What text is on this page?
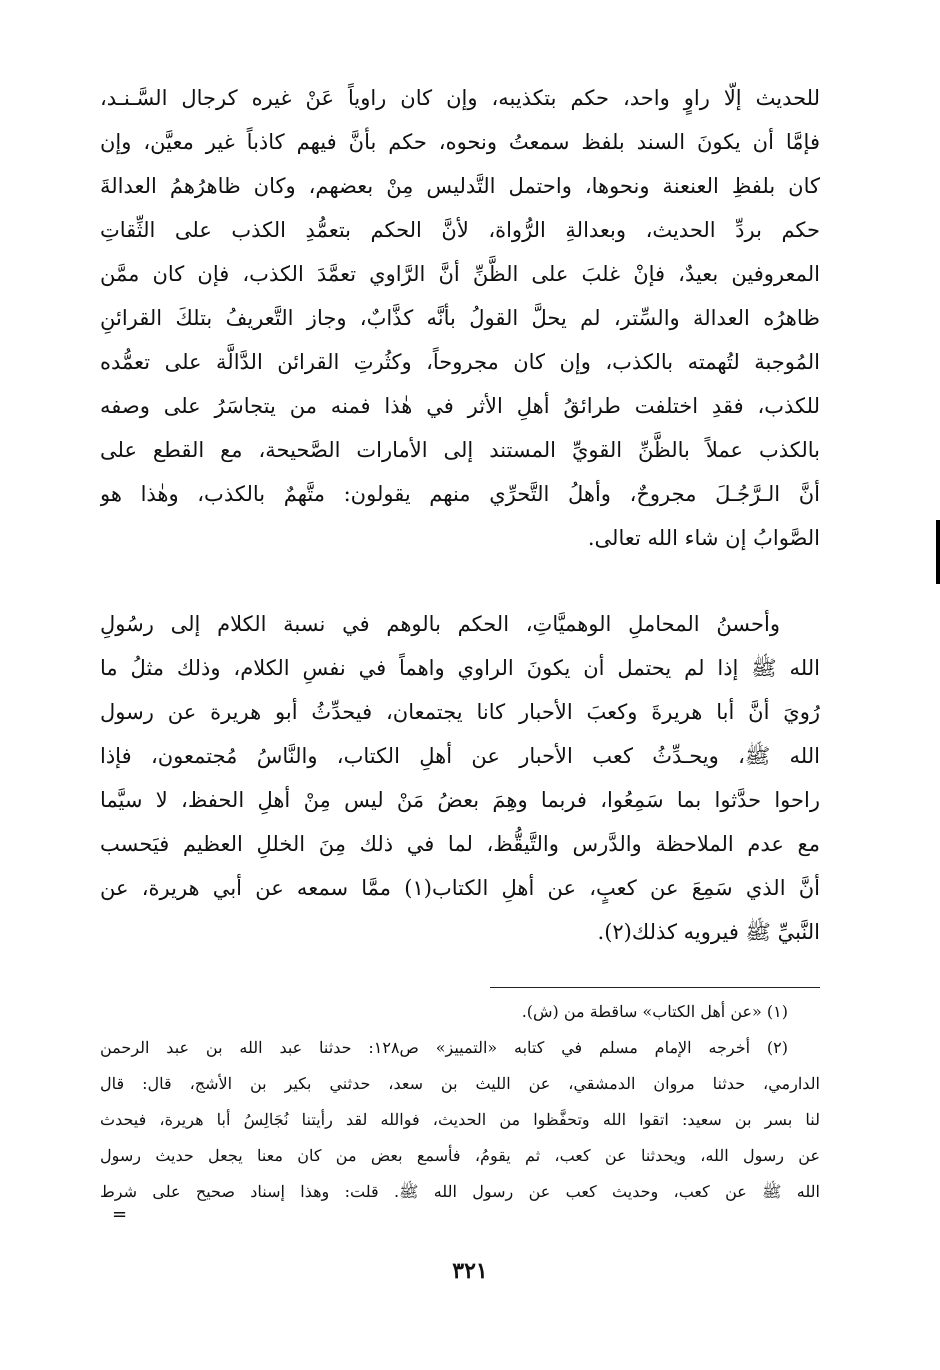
للحديث إلّا راوٍ واحد، حكم بتكذيبه، وإن كان راوياً عَنْ غيره كرجال السَّـنـد،
فإمَّا أن يكونَ السند بلفظ سمعتُ ونحوه، حكم بأنَّ فيهم كاذباً غير معيَّن، وإن
كان بلفظِ العنعنة ونحوها، واحتمل التَّدليس مِنْ بعضهم، وكان ظاهرُهمُ العدالةَ
حكم بردِّ الحديث، وبعدالةِ الرُّواة، لأنَّ الحكم بتعمُّدِ الكذب على الثِّقاتِ
المعروفين بعيدٌ، فإنْ غلبَ على الظَّنِّ أنَّ الرَّاوي تعمَّدَ الكذب، فإن كان ممَّن
ظاهرُه العدالة والسِّتر، لم يحلَّ القولُ بأنَّه كذَّابٌ، وجاز التَّعريفُ بتلكَ القرائنِ
المُوجبة لتُهمته بالكذب، وإن كان مجروحاً، وكثُرتِ القرائن الدَّالَّة على تعمُّده
للكذب، فقدِ اختلفت طرائقُ أهلِ الأثر في هٰذا فمنه من يتجاسَرُ على وصفه
بالكذب عملاً بالظَّنِّ القويِّ المستند إلى الأمارات الصَّحيحة، مع القطع على
أنَّ الـرَّجُـلَ مجروحٌ، وأهلُ التَّحرِّي منهم يقولون: متَّهمٌ بالكذب، وهٰذا هو
الصَّوابُ إن شاء الله تعالى.
وأحسنُ المحاملِ الوهميَّاتِ، الحكم بالوهم في نسبة الكلام إلى رسُولِ
الله ﷺ إذا لم يحتمل أن يكونَ الراوي واهماً في نفسِ الكلام، وذلك مثلُ ما
رُويَ أنَّ أبا هريرةَ وكعبَ الأحبار كانا يجتمعان، فيحدِّثُ أبو هريرة عن رسول
الله ﷺ، ويحـدِّثُ كعب الأحبار عن أهلِ الكتاب، والنَّاسُ مُجتمعون، فإذا
راحوا حدَّثوا بما سَمِعُوا، فربما وهِمَ بعضُ مَنْ ليس مِنْ أهلِ الحفظ، لا سيَّما
مع عدم الملاحظة والدَّرس والتَّيقُّظ، لما في ذلك مِنَ الخللِ العظيم فيَحسب
أنَّ الذي سَمِعَ عن كعبٍ، عن أهلِ الكتاب(١) ممَّا سمعه عن أبي هريرة، عن
النَّبيِّ ﷺ فيرويه كذلك(٢).
(١) «عن أهل الكتاب» ساقطة من (ش).
(٢) أخرجه الإمام مسلم في كتابه «التمييز» ص١٢٨: حدثنا عبد الله بن عبد الرحمن
الدارمي، حدثنا مروان الدمشقي، عن الليث بن سعد، حدثني بكير بن الأشج، قال: قال
لنا بسر بن سعيد: اتقوا الله وتحفَّظوا من الحديث، فوالله لقد رأيتنا نُجَالِسُ أبا هريرة، فيحدث
عن رسول الله، ويحدثنا عن كعب، ثم يقومُ، فأسمع بعض من كان معنا يجعل حديث رسول
الله ﷺ عن كعب، وحديث كعب عن رسول الله ﷺ. قلت: وهذا إسناد صحيح على شرط
=
٣٢١
